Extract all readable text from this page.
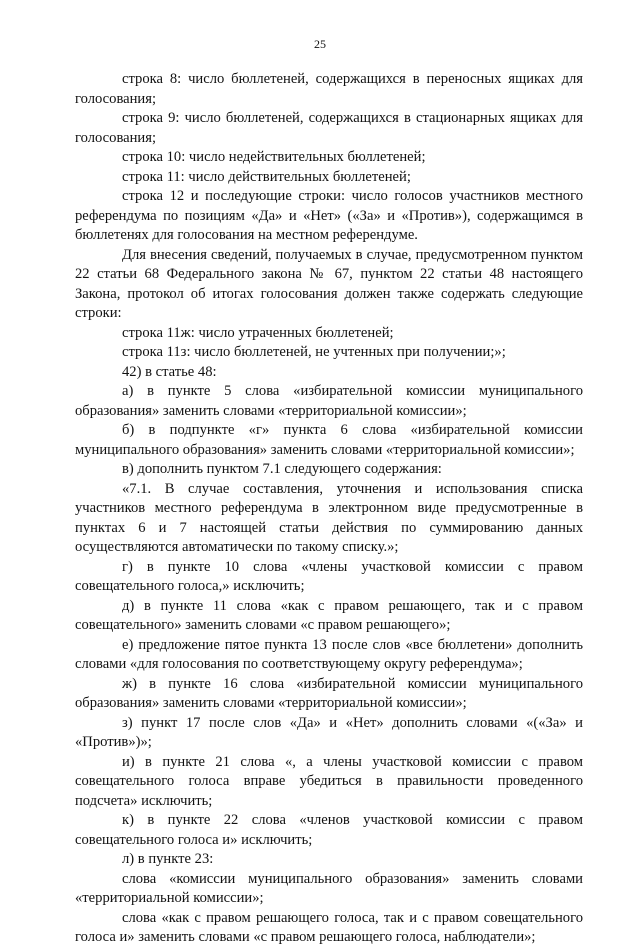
25

строка 8: число бюллетеней, содержащихся в переносных ящиках для голосования;

строка 9: число бюллетеней, содержащихся в стационарных ящиках для голосования;

строка 10: число недействительных бюллетеней;

строка 11: число действительных бюллетеней;

строка 12 и последующие строки: число голосов участников местного референдума по позициям «Да» и «Нет» («За» и «Против»), содержащимся в бюллетенях для голосования на местном референдуме.

Для внесения сведений, получаемых в случае, предусмотренном пунктом 22 статьи 68 Федерального закона № 67, пунктом 22 статьи 48 настоящего Закона, протокол об итогах голосования должен также содержать следующие строки:

строка 11ж: число утраченных бюллетеней;

строка 11з: число бюллетеней, не учтенных при получении;»;

42) в статье 48:

а) в пункте 5 слова «избирательной комиссии муниципального образования» заменить словами «территориальной комиссии»;

б) в подпункте «г» пункта 6 слова «избирательной комиссии муниципального образования» заменить словами «территориальной комиссии»;

в) дополнить пунктом 7.1 следующего содержания:

«7.1. В случае составления, уточнения и использования списка участников местного референдума в электронном виде предусмотренные в пунктах 6 и 7 настоящей статьи действия по суммированию данных осуществляются автоматически по такому списку.»;

г) в пункте 10 слова «члены участковой комиссии с правом совещательного голоса,» исключить;

д) в пункте 11 слова «как с правом решающего, так и с правом совещательного» заменить словами «с правом решающего»;

е) предложение пятое пункта 13 после слов «все бюллетени» дополнить словами «для голосования по соответствующему округу референдума»;

ж) в пункте 16 слова «избирательной комиссии муниципального образования» заменить словами «территориальной комиссии»;

з) пункт 17 после слов «Да» и «Нет» дополнить словами «(«За» и «Против»)»;

и) в пункте 21 слова «, а члены участковой комиссии с правом совещательного голоса вправе убедиться в правильности проведенного подсчета» исключить;

к) в пункте 22 слова «членов участковой комиссии с правом совещательного голоса и» исключить;

л) в пункте 23:

слова «комиссии муниципального образования» заменить словами «территориальной комиссии»;

слова «как с правом решающего голоса, так и с правом совещательного голоса и» заменить словами «с правом решающего голоса, наблюдатели»;
